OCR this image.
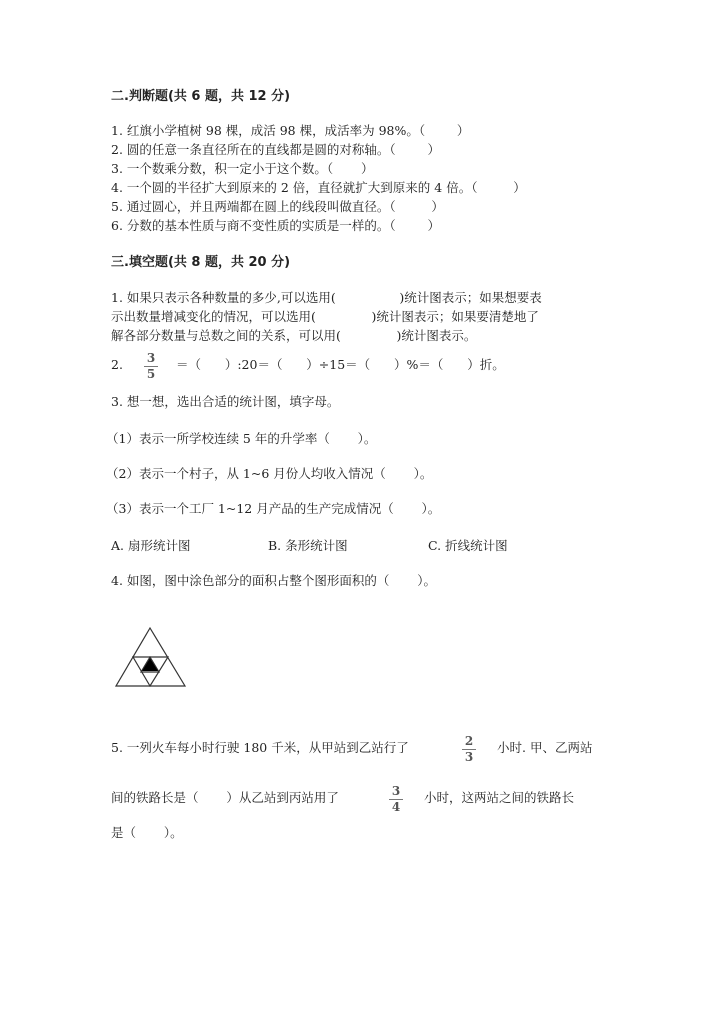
二.判断题(共 6 题，共 12 分)
1. 红旗小学植树 98 棵，成活 98 棵，成活率为 98%。（        ）
2. 圆的任意一条直径所在的直线都是圆的对称轴。（        ）
3. 一个数乘分数，积一定小于这个数。（       ）
4. 一个圆的半径扩大到原来的 2 倍，直径就扩大到原来的 4 倍。（         ）
5. 通过圆心，并且两端都在圆上的线段叫做直径。（         ）
6. 分数的基本性质与商不变性质的实质是一样的。（        ）
三.填空题(共 8 题，共 20 分)
1. 如果只表示各种数量的多少,可以选用(                )统计图表示；如果想要表
示出数量增减变化的情况，可以选用(              )统计图表示；如果要清楚地了
解各部分数量与总数之间的关系，可以用(              )统计图表示。
2. 3
5
＝（      ）:20＝（      ）÷15＝（      ）%＝（      ）折。
3. 想一想，选出合适的统计图，填字母。
（1）表示一所学校连续 5 年的升学率（       ）。
（2）表示一个村子，从 1~6 月份人均收入情况（       ）。
（3）表示一个工厂 1~12 月产品的生产完成情况（       ）。
A. 扇形统计图	B. 条形统计图	C. 折线统计图
4. 如图，图中涂色部分的面积占整个图形面积的（       ）。
5. 一列火车每小时行驶 180 千米，从甲站到乙站行了	2
3
小时. 甲、乙两站
间的铁路长是（       ）从乙站到丙站用了	3
4
小时，这两站之间的铁路长
是（       ）。
